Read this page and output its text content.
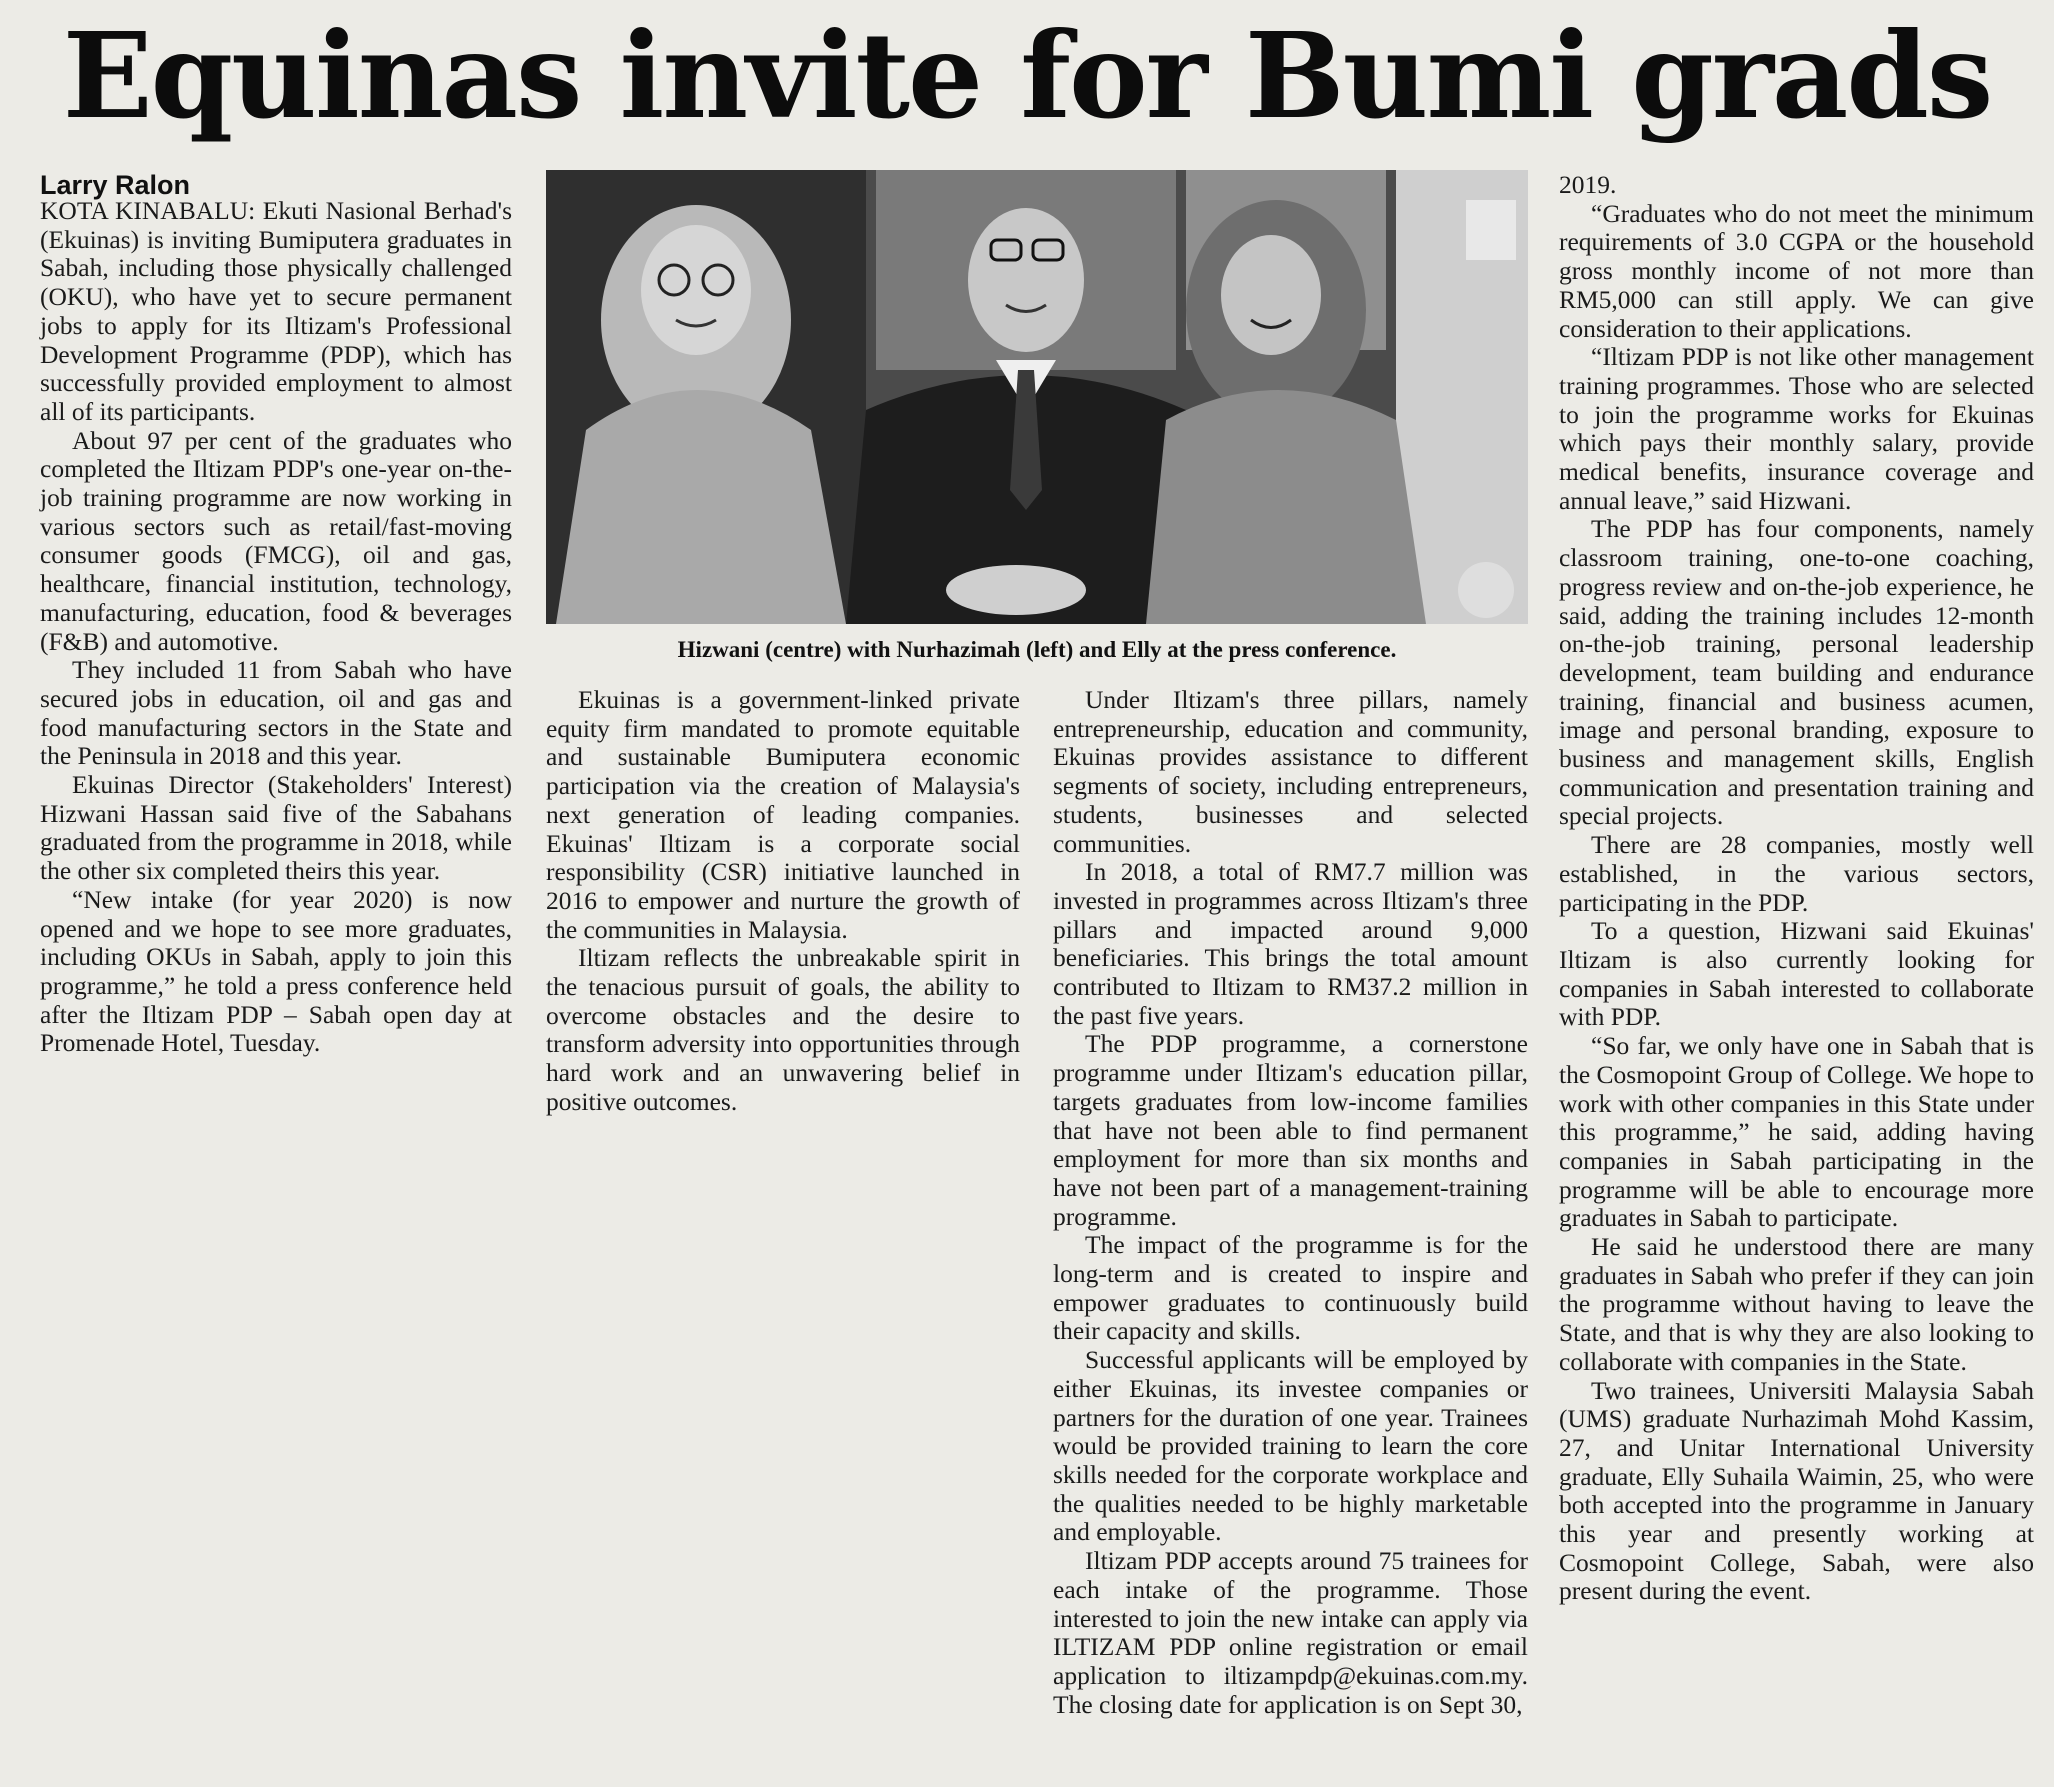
Equinas invite for Bumi grads
Larry Ralon

KOTA KINABALU: Ekuti Nasional Berhad's (Ekuinas) is inviting Bumiputera graduates in Sabah, including those physically challenged (OKU), who have yet to secure permanent jobs to apply for its Iltizam's Professional Development Programme (PDP), which has successfully provided employment to almost all of its participants.

About 97 per cent of the graduates who completed the Iltizam PDP's one-year on-the-job training programme are now working in various sectors such as retail/fast-moving consumer goods (FMCG), oil and gas, healthcare, financial institution, technology, manufacturing, education, food & beverages (F&B) and automotive.

They included 11 from Sabah who have secured jobs in education, oil and gas and food manufacturing sectors in the State and the Peninsula in 2018 and this year.

Ekuinas Director (Stakeholders' Interest) Hizwani Hassan said five of the Sabahans graduated from the programme in 2018, while the other six completed theirs this year.

“New intake (for year 2020) is now opened and we hope to see more graduates, including OKUs in Sabah, apply to join this programme,” he told a press conference held after the Iltizam PDP – Sabah open day at Promenade Hotel, Tuesday.

Hizwani (centre) with Nurhazimah (left) and Elly at the press conference.

Ekuinas is a government-linked private equity firm mandated to promote equitable and sustainable Bumiputera economic participation via the creation of Malaysia's next generation of leading companies. Ekuinas' Iltizam is a corporate social responsibility (CSR) initiative launched in 2016 to empower and nurture the growth of the communities in Malaysia.

Iltizam reflects the unbreakable spirit in the tenacious pursuit of goals, the ability to overcome obstacles and the desire to transform adversity into opportunities through hard work and an unwavering belief in positive outcomes.

Under Iltizam's three pillars, namely entrepreneurship, education and community, Ekuinas provides assistance to different segments of society, including entrepreneurs, students, businesses and selected communities.

In 2018, a total of RM7.7 million was invested in programmes across Iltizam's three pillars and impacted around 9,000 beneficiaries. This brings the total amount contributed to Iltizam to RM37.2 million in the past five years.

The PDP programme, a cornerstone programme under Iltizam's education pillar, targets graduates from low-income families that have not been able to find permanent employment for more than six months and have not been part of a management-training programme.

The impact of the programme is for the long-term and is created to inspire and empower graduates to continuously build their capacity and skills.

Successful applicants will be employed by either Ekuinas, its investee companies or partners for the duration of one year. Trainees would be provided training to learn the core skills needed for the corporate workplace and the qualities needed to be highly marketable and employable.

Iltizam PDP accepts around 75 trainees for each intake of the programme. Those interested to join the new intake can apply via ILTIZAM PDP online registration or email application to iltizampdp@ekuinas.com.my. The closing date for application is on Sept 30,

2019.

“Graduates who do not meet the minimum requirements of 3.0 CGPA or the household gross monthly income of not more than RM5,000 can still apply. We can give consideration to their applications.

“Iltizam PDP is not like other management training programmes. Those who are selected to join the programme works for Ekuinas which pays their monthly salary, provide medical benefits, insurance coverage and annual leave,” said Hizwani.

The PDP has four components, namely classroom training, one-to-one coaching, progress review and on-the-job experience, he said, adding the training includes 12-month on-the-job training, personal leadership development, team building and endurance training, financial and business acumen, image and personal branding, exposure to business and management skills, English communication and presentation training and special projects.

There are 28 companies, mostly well established, in the various sectors, participating in the PDP.

To a question, Hizwani said Ekuinas' Iltizam is also currently looking for companies in Sabah interested to collaborate with PDP.

“So far, we only have one in Sabah that is the Cosmopoint Group of College. We hope to work with other companies in this State under this programme,” he said, adding having companies in Sabah participating in the programme will be able to encourage more graduates in Sabah to participate.

He said he understood there are many graduates in Sabah who prefer if they can join the programme without having to leave the State, and that is why they are also looking to collaborate with companies in the State.

Two trainees, Universiti Malaysia Sabah (UMS) graduate Nurhazimah Mohd Kassim, 27, and Unitar International University graduate, Elly Suhaila Waimin, 25, who were both accepted into the programme in January this year and presently working at Cosmopoint College, Sabah, were also present during the event.
